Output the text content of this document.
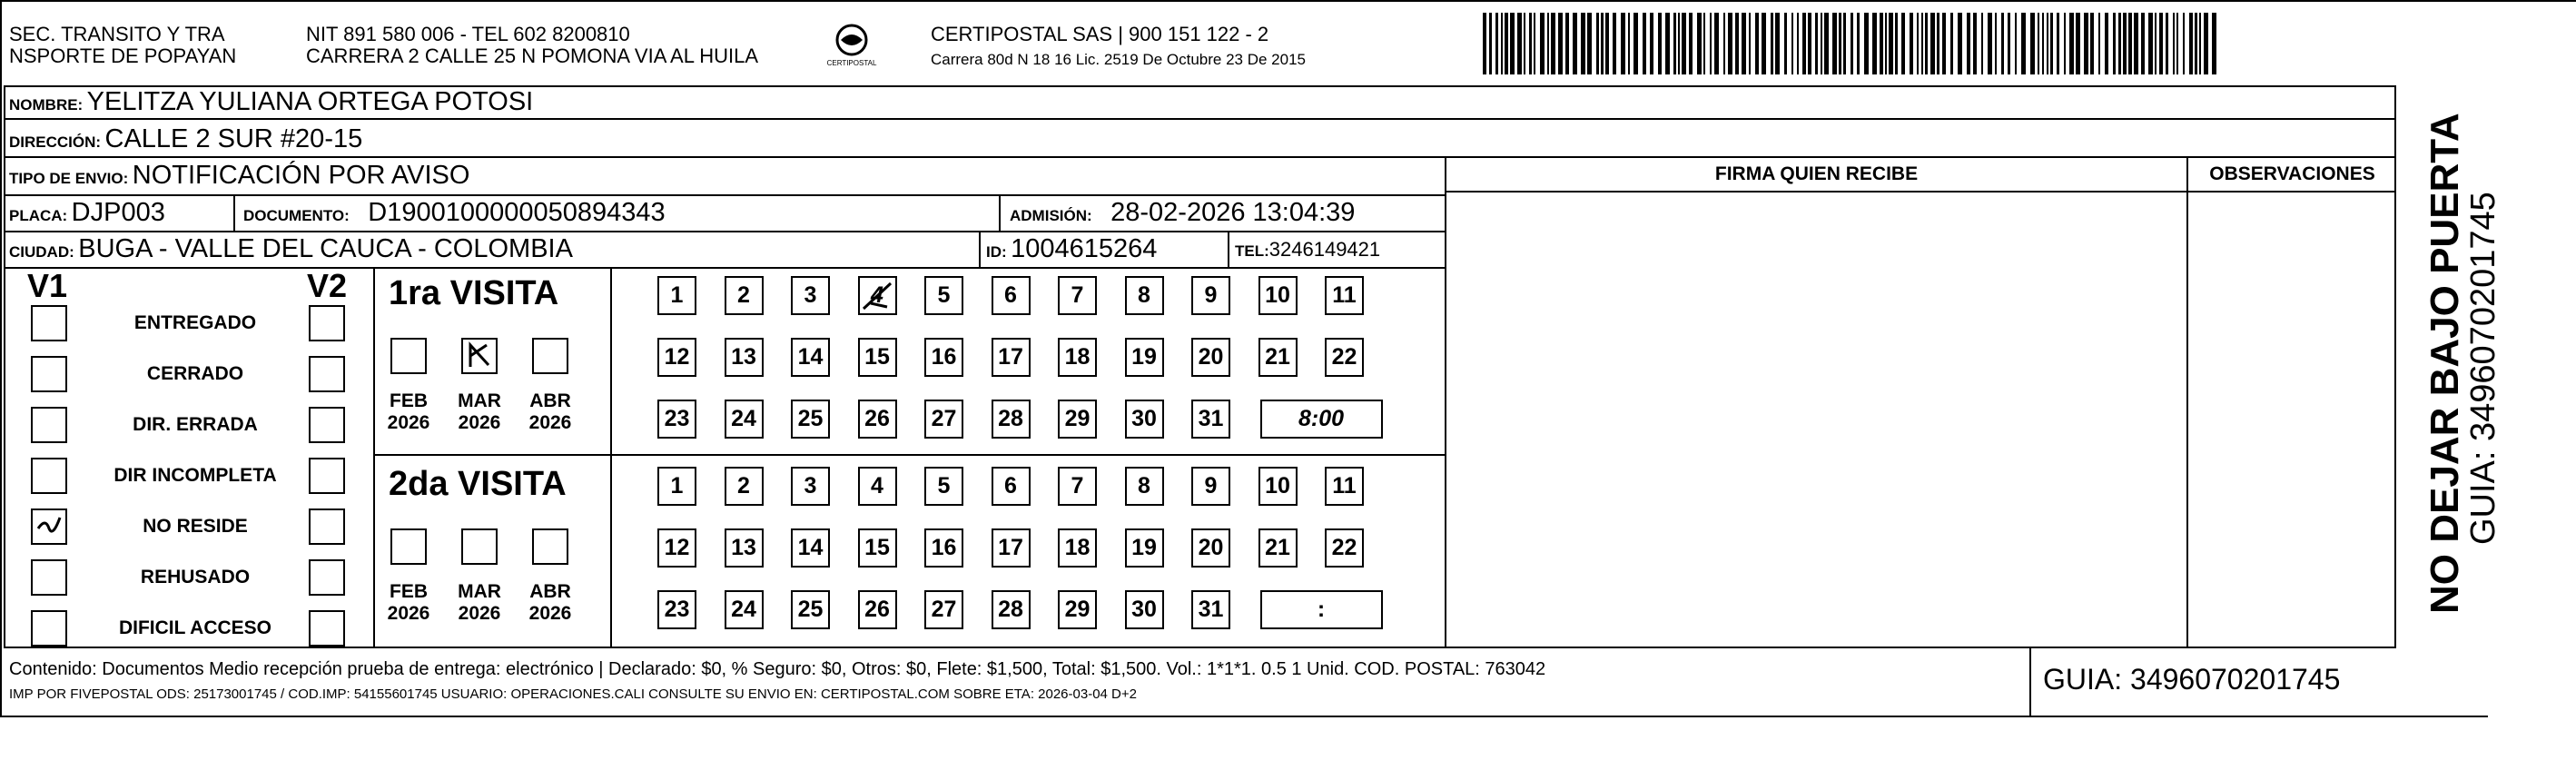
SEC. TRANSITO Y TRA
NSPORTE DE POPAYAN
NIT 891 580 006 - TEL 602 8200810
CARRERA 2 CALLE 25 N POMONA VIA AL HUILA	CERTIPOSTAL
CERTIPOSTAL SAS | 900 151 122 - 2
Carrera 80d N 18 16 Lic. 2519 De Octubre 23 De 2015
NOMBRE: YELITZA YULIANA ORTEGA POTOSI
DIRECCIÓN: CALLE 2 SUR #20-15
TIPO DE ENVIO: NOTIFICACIÓN POR AVISO	FIRMA QUIEN RECIBE	OBSERVACIONES
PLACA: DJP003	DOCUMENTO: D1900100000050894343	ADMISIÓN: 28-02-2026 13:04:39
CIUDAD: BUGA - VALLE DEL CAUCA - COLOMBIA	ID: 1004615264	TEL:3246149421
V1	V2
ENTREGADO
CERRADO
DIR. ERRADA
DIR INCOMPLETA
NO RESIDE
REHUSADO
DIFICIL ACCESO
1ra VISITA
FEB
2026
MAR
2026
ABR
2026
1	2	3	4	5	6	7	8	9	10	11
12	13	14	15	16	17	18	19	20	21	22
23	24	25	26	27	28	29	30	31	8:00
2da VISITA
FEB
2026
MAR
2026
ABR
2026
1	2	3	4	5	6	7	8	9	10	11
12	13	14	15	16	17	18	19	20	21	22
23	24	25	26	27	28	29	30	31	:
Contenido: Documentos Medio recepción prueba de entrega: electrónico | Declarado: $0, % Seguro: $0, Otros: $0, Flete: $1,500, Total: $1,500. Vol.: 1*1*1. 0.5 1 Unid. COD. POSTAL: 763042
IMP POR FIVEPOSTAL ODS: 25173001745 / COD.IMP: 54155601745 USUARIO: OPERACIONES.CALI CONSULTE SU ENVIO EN: CERTIPOSTAL.COM SOBRE ETA: 2026-03-04 D+2	GUIA: 3496070201745
NO DEJAR BAJO PUERTA
GUIA: 3496070201745
